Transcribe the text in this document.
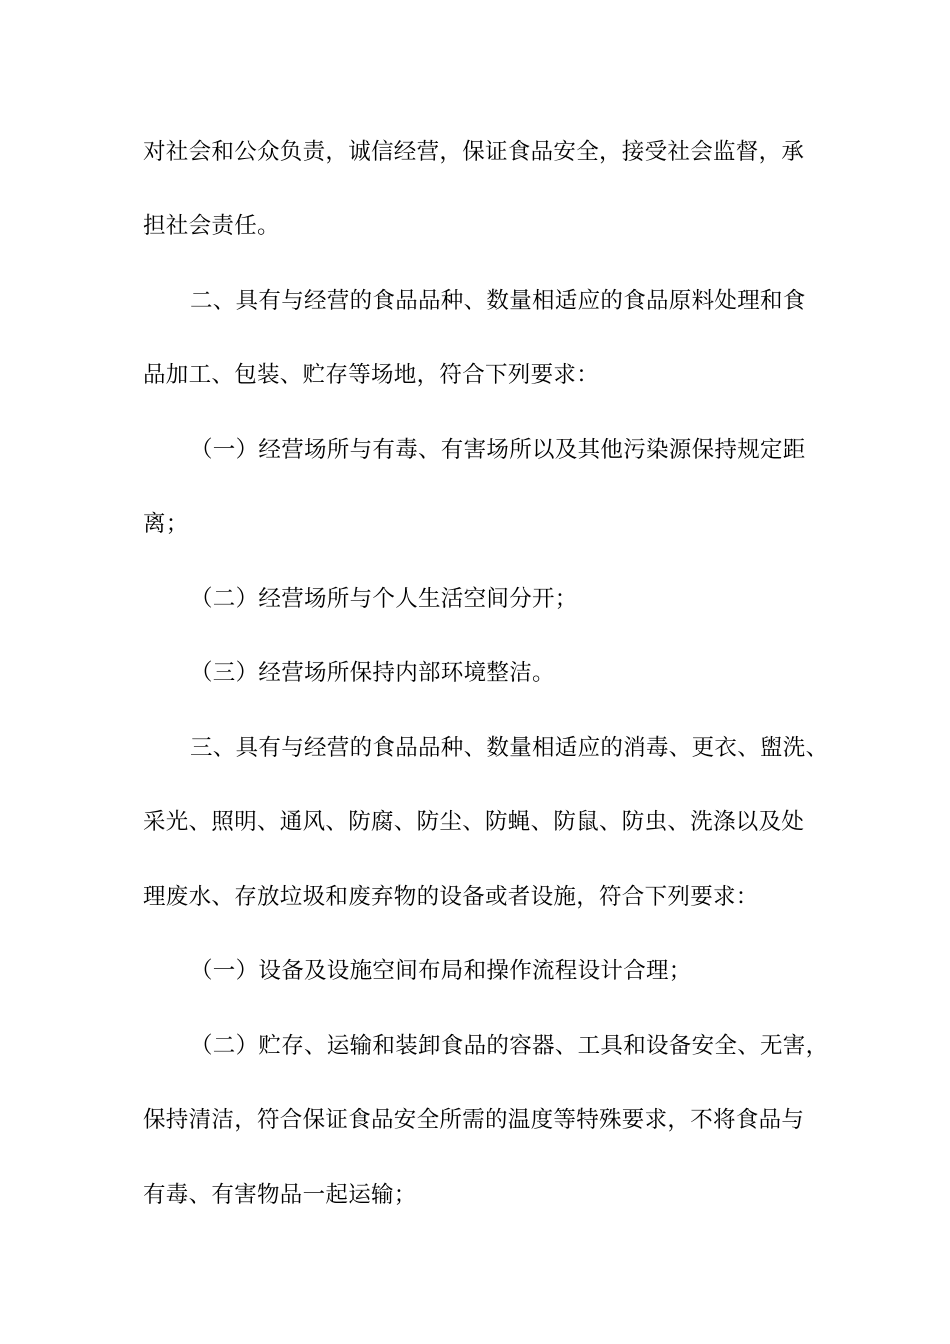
对社会和公众负责，诚信经营，保证食品安全，接受社会监督，承
担社会责任。
二、具有与经营的食品品种、数量相适应的食品原料处理和食
品加工、包装、贮存等场地，符合下列要求：
（一）经营场所与有毒、有害场所以及其他污染源保持规定距
离；
（二）经营场所与个人生活空间分开；
（三）经营场所保持内部环境整洁。
三、具有与经营的食品品种、数量相适应的消毒、更衣、盥洗、
采光、照明、通风、防腐、防尘、防蝇、防鼠、防虫、洗涤以及处
理废水、存放垃圾和废弃物的设备或者设施，符合下列要求：
（一）设备及设施空间布局和操作流程设计合理；
（二）贮存、运输和装卸食品的容器、工具和设备安全、无害，
保持清洁，符合保证食品安全所需的温度等特殊要求，不将食品与
有毒、有害物品一起运输；
